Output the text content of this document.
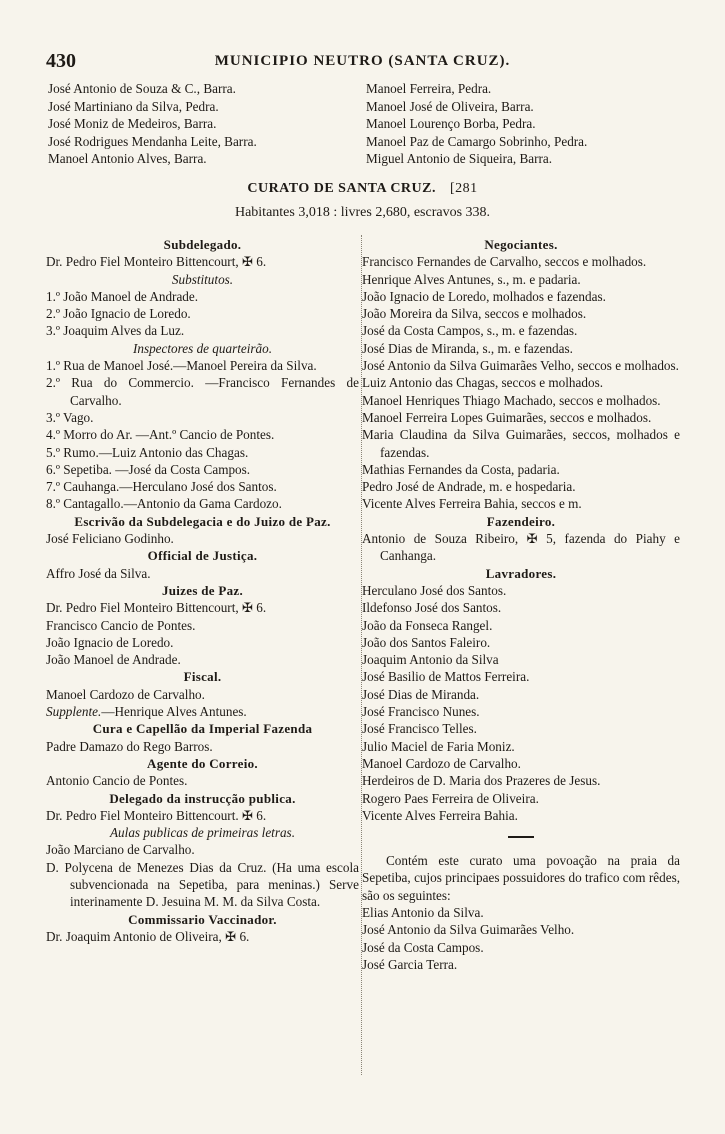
430	MUNICIPIO NEUTRO (SANTA CRUZ).
José Antonio de Souza & C., Barra.
José Martiniano da Silva, Pedra.
José Moniz de Medeiros, Barra.
José Rodrigues Mendanha Leite, Barra.
Manoel Antonio Alves, Barra.
Manoel Ferreira, Pedra.
Manoel José de Oliveira, Barra.
Manoel Lourenço Borba, Pedra.
Manoel Paz de Camargo Sobrinho, Pedra.
Miguel Antonio de Siqueira, Barra.
CURATO DE SANTA CRUZ. [281
Habitantes 3,018 : livres 2,680, escravos 338.
Subdelegado.
Dr. Pedro Fiel Monteiro Bittencourt, ✠ 6.
Substitutos.
1.º João Manoel de Andrade.
2.º João Ignacio de Loredo.
3.º Joaquim Alves da Luz.
Inspectores de quarteirão.
1.º Rua de Manoel José.—Manoel Pereira da Silva.
2.º Rua do Commercio. —Francisco Fernandes de Carvalho.
3.º Vago.
4.º Morro do Ar. —Ant.º Cancio de Pontes.
5.º Rumo.—Luiz Antonio das Chagas.
6.º Sepetiba. —José da Costa Campos.
7.º Cauhanga.—Herculano José dos Santos.
8.º Cantagallo.—Antonio da Gama Cardozo.
Escrivão da Subdelegacia e do Juizo de Paz.
José Feliciano Godinho.
Official de Justiça.
Affro José da Silva.
Juizes de Paz.
Dr. Pedro Fiel Monteiro Bittencourt, ✠ 6.
Francisco Cancio de Pontes.
João Ignacio de Loredo.
João Manoel de Andrade.
Fiscal.
Manoel Cardozo de Carvalho.
Supplente.—Henrique Alves Antunes.
Cura e Capellão da Imperial Fazenda
Padre Damazo do Rego Barros.
Agente do Correio.
Antonio Cancio de Pontes.
Delegado da instrucção publica.
Dr. Pedro Fiel Monteiro Bittencourt. ✠ 6.
Aulas publicas de primeiras letras.
João Marciano de Carvalho.
D. Polycena de Menezes Dias da Cruz. (Ha uma escola subvencionada na Sepetiba, para meninas.) Serve interinamente D. Jesuina M. M. da Silva Costa.
Commissario Vaccinador.
Dr. Joaquim Antonio de Oliveira, ✠ 6.
Negociantes.
Francisco Fernandes de Carvalho, seccos e molhados.
Henrique Alves Antunes, s., m. e padaria.
João Ignacio de Loredo, molhados e fazendas.
João Moreira da Silva, seccos e molhados.
José da Costa Campos, s., m. e fazendas.
José Dias de Miranda, s., m. e fazendas.
José Antonio da Silva Guimarães Velho, seccos e molhados.
Luiz Antonio das Chagas, seccos e molhados.
Manoel Henriques Thiago Machado, seccos e molhados.
Manoel Ferreira Lopes Guimarães, seccos e molhados.
Maria Claudina da Silva Guimarães, seccos, molhados e fazendas.
Mathias Fernandes da Costa, padaria.
Pedro José de Andrade, m. e hospedaria.
Vicente Alves Ferreira Bahia, seccos e m.
Fazendeiro.
Antonio de Souza Ribeiro, ✠ 5, fazenda do Piahy e Canhanga.
Lavradores.
Herculano José dos Santos.
Ildefonso José dos Santos.
João da Fonseca Rangel.
João dos Santos Faleiro.
Joaquim Antonio da Silva
José Basilio de Mattos Ferreira.
José Dias de Miranda.
José Francisco Nunes.
José Francisco Telles.
Julio Maciel de Faria Moniz.
Manoel Cardozo de Carvalho.
Herdeiros de D. Maria dos Prazeres de Jesus.
Rogero Paes Ferreira de Oliveira.
Vicente Alves Ferreira Bahia.
Contém este curato uma povoação na praia da Sepetiba, cujos principaes possuidores do trafico com rêdes, são os seguintes:
Elias Antonio da Silva.
José Antonio da Silva Guimarães Velho.
José da Costa Campos.
José Garcia Terra.
